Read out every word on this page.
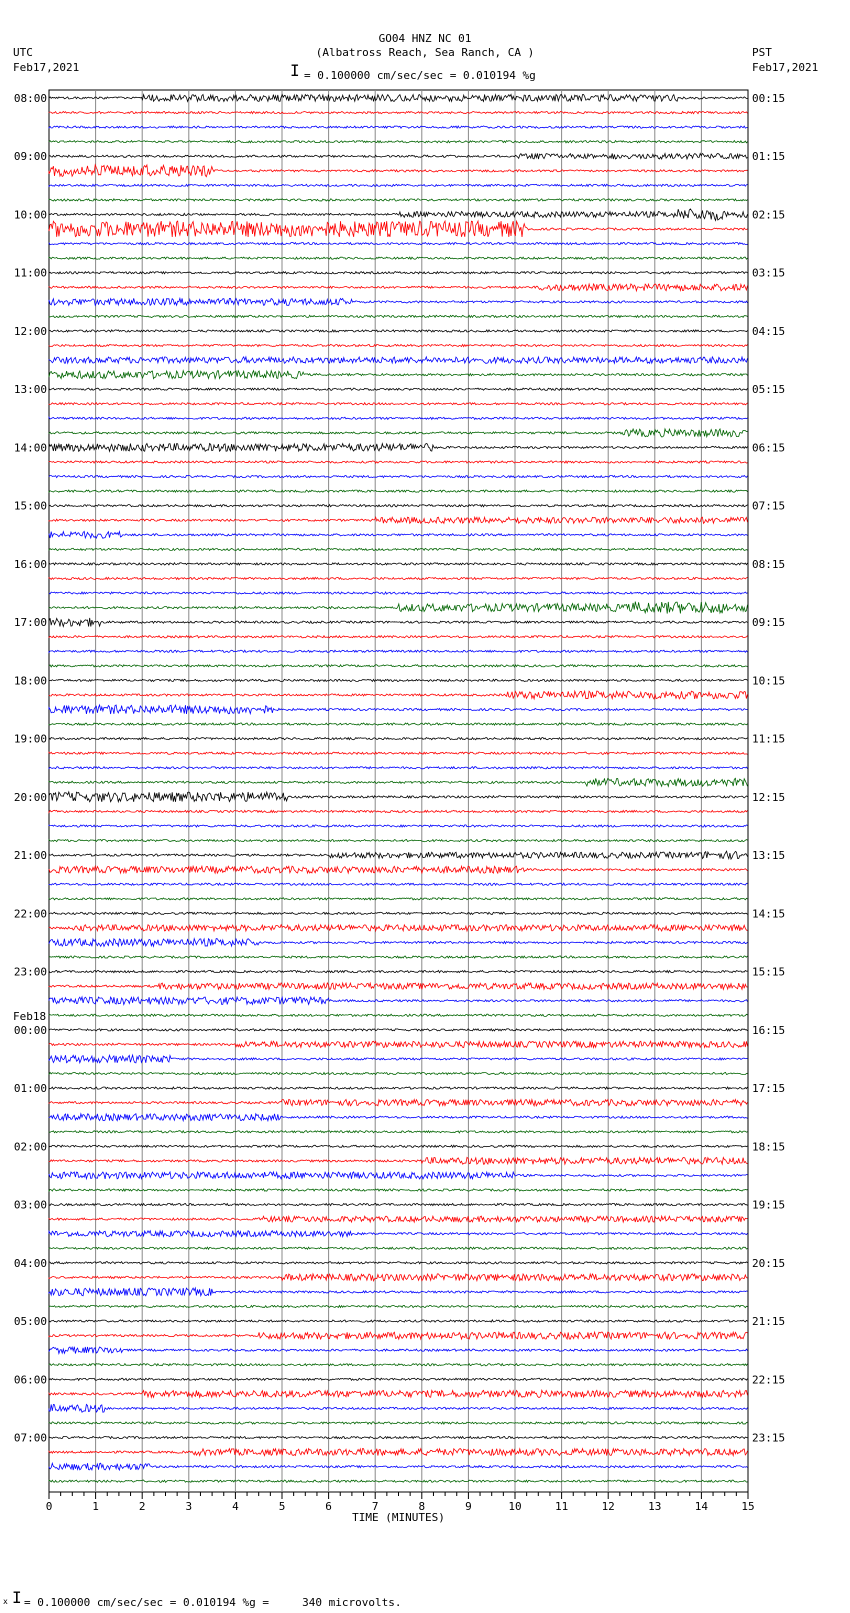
GO04 HNZ NC 01
(Albatross Reach, Sea Ranch, CA )
I = 0.100000 cm/sec/sec = 0.010194 %g
UTC
Feb17,2021
PST
Feb17,2021
08:00
09:00
10:00
11:00
12:00
13:00
14:00
15:00
16:00
17:00
18:00
19:00
20:00
21:00
22:00
23:00
00:00
01:00
02:00
03:00
04:00
05:00
06:00
07:00
00:15
01:15
02:15
03:15
04:15
05:15
06:15
07:15
08:15
09:15
10:15
11:15
12:15
13:15
14:15
15:15
16:15
17:15
18:15
19:15
20:15
21:15
22:15
23:15
Feb18
0	1	2	3	4	5	6	7	8	9	10	11	12	13	14	15
TIME (MINUTES)
x I = 0.100000 cm/sec/sec = 0.010194 %g =     340 microvolts.
